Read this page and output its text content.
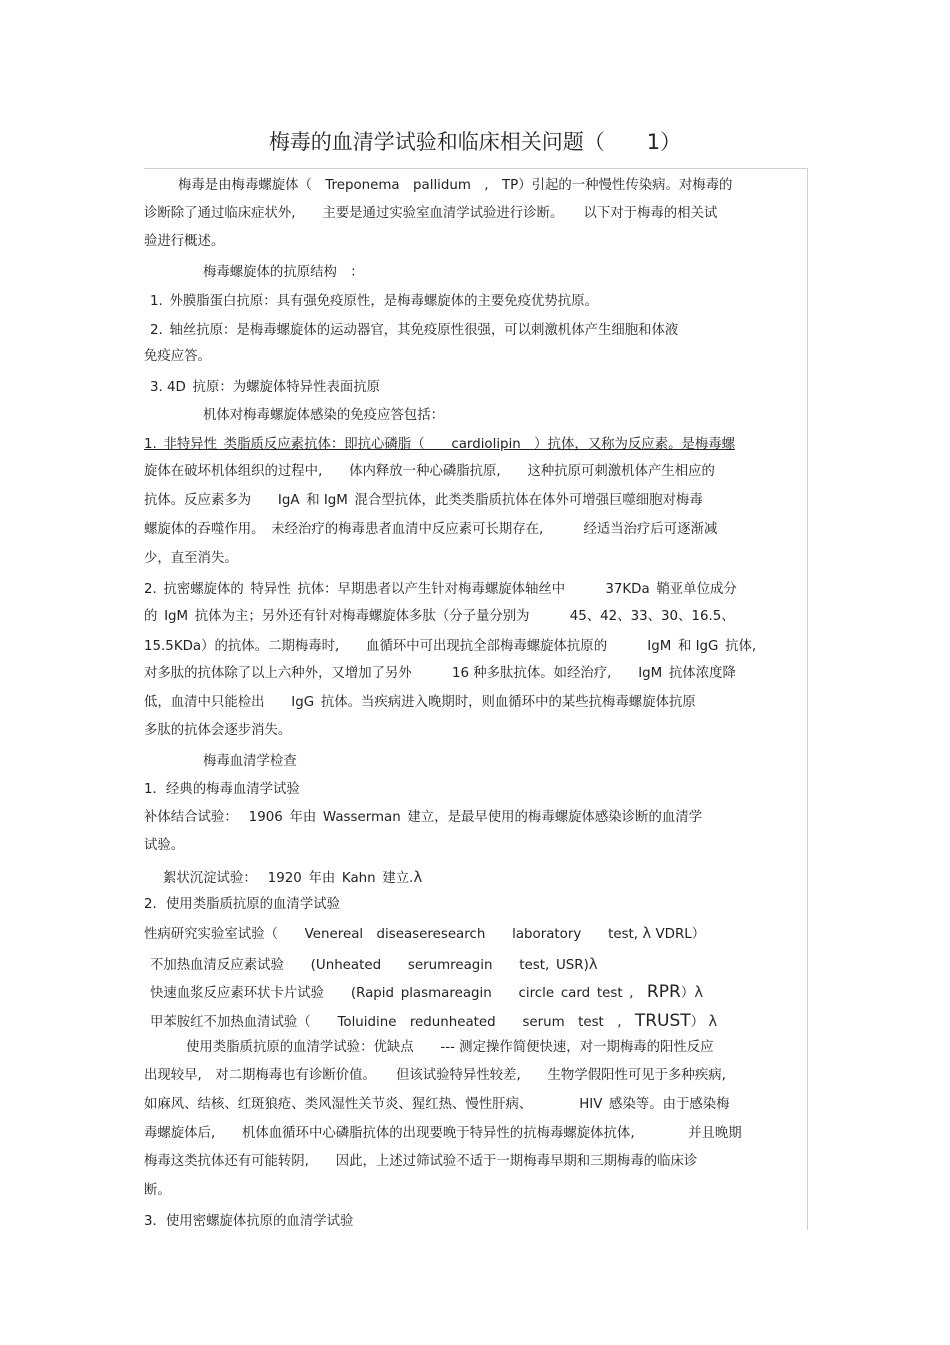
梅毒的血清学试验和临床相关问题（　　1）
梅毒是由梅毒螺旋体（　Treponema　pallidum　,　TP）引起的一种慢性传染病。对梅毒的
诊断除了通过临床症状外,　　主要是通过实验室血清学试验进行诊断。　　以下对于梅毒的相关试
验进行概述。
梅毒螺旋体的抗原结构　：
1. 外膜脂蛋白抗原：具有强免疫原性，是梅毒螺旋体的主要免疫优势抗原。
2. 轴丝抗原：是梅毒螺旋体的运动器官，其免疫原性很强，可以刺激机体产生细胞和体液
免疫应答。
3. 4D 抗原：为螺旋体特异性表面抗原
机体对梅毒螺旋体感染的免疫应答包括：
1. 非特异性 类脂质反应素抗体：即抗心磷脂（　　cardiolipin　）抗体，又称为反应素。是梅毒螺
旋体在破坏机体组织的过程中,　　体内释放一种心磷脂抗原,　　这种抗原可刺激机体产生相应的
抗体。反应素多为　　IgA 和 IgM 混合型抗体，此类类脂质抗体在体外可增强巨噬细胞对梅毒
螺旋体的吞噬作用。　未经治疗的梅毒患者血清中反应素可长期存在,　　　经适当治疗后可逐渐减
少，直至消失。
2. 抗密螺旋体的 特异性 抗体：早期患者以产生针对梅毒螺旋体轴丝中　　　37KDa 鞘亚单位成分
的 IgM 抗体为主；另外还有针对梅毒螺旋体多肽（分子量分别为　　　45、42、33、30、16.5、
15.5KDa）的抗体。二期梅毒时,　　血循环中可出现抗全部梅毒螺旋体抗原的　　　IgM 和 IgG 抗体,
对多肽的抗体除了以上六种外，又增加了另外　　　16 种多肽抗体。如经治疗,　　IgM 抗体浓度降
低，血清中只能检出　　IgG 抗体。当疾病进入晚期时，则血循环中的某些抗梅毒螺旋体抗原
多肽的抗体会逐步消失。
梅毒血清学检查
1．经典的梅毒血清学试验
补体结合试验：　 1906 年由 Wasserman 建立，是最早使用的梅毒螺旋体感染诊断的血清学
试验。
絮状沉淀试验：　 1920 年由 Kahn 建立.λ
2．使用类脂质抗原的血清学试验
性病研究实验室试验（　　Venereal　diseaseresearch　　laboratory　　test, λ VDRL）
不加热血清反应素试验　　(Unheated　　serumreagin　　test, USR)λ
快速血浆反应素环状卡片试验　　(Rapid plasmareagin　　circle card test ,　RPR）λ
甲苯胺红不加热血清试验（　　Toluidine　redunheated　　serum　test　,　TRUST） λ
使用类脂质抗原的血清学试验：优缺点　　--- 测定操作简便快速，对一期梅毒的阳性反应
出现较早,　对二期梅毒也有诊断价值。　　但该试验特异性较差,　　生物学假阳性可见于多种疾病,
如麻风、结核、红斑狼疮、类风湿性关节炎、猩红热、慢性肝病、　　　　HIV 感染等。由于感染梅
毒螺旋体后,　　机体血循环中心磷脂抗体的出现要晚于特异性的抗梅毒螺旋体抗体,　　　　并且晚期
梅毒这类抗体还有可能转阴,　　因此，上述过筛试验不适于一期梅毒早期和三期梅毒的临床诊
断。
3．使用密螺旋体抗原的血清学试验
